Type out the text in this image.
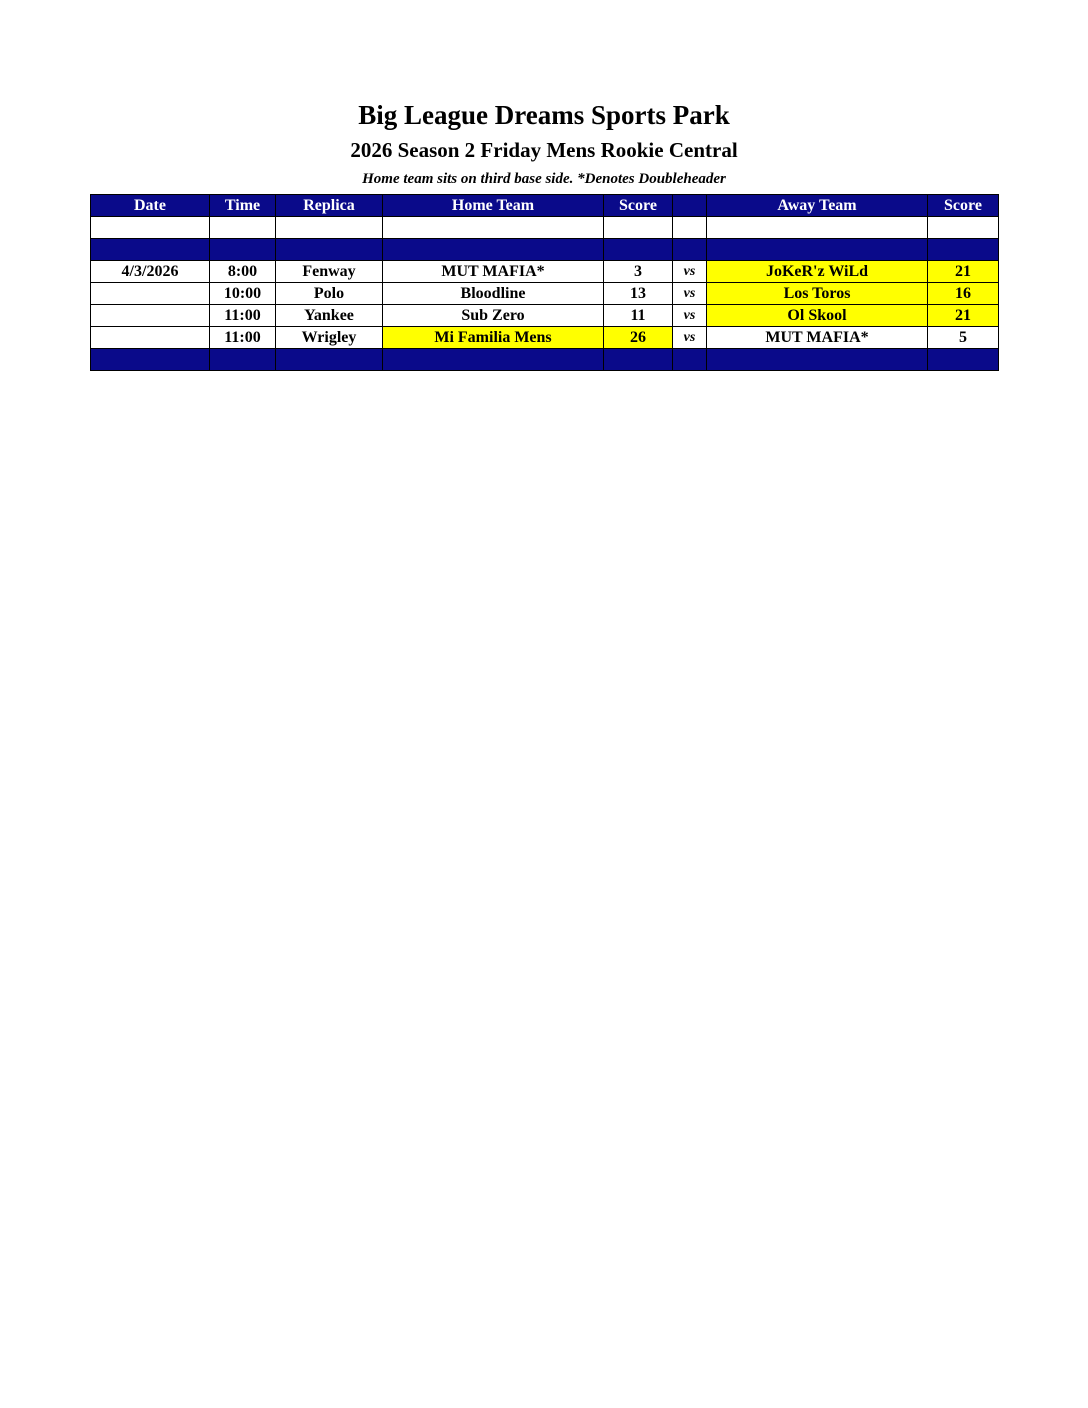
Big League Dreams Sports Park
2026 Season 2 Friday Mens Rookie Central
Home team sits on third base side. *Denotes Doubleheader
Date	Time	Replica	Home Team	Score		Away Team	Score

4/3/2026	8:00	Fenway	MUT MAFIA*	3	vs	JoKeR'z WiLd	21
	10:00	Polo	Bloodline	13	vs	Los Toros	16
	11:00	Yankee	Sub Zero	11	vs	Ol Skool	21
	11:00	Wrigley	Mi Familia Mens	26	vs	MUT MAFIA*	5
